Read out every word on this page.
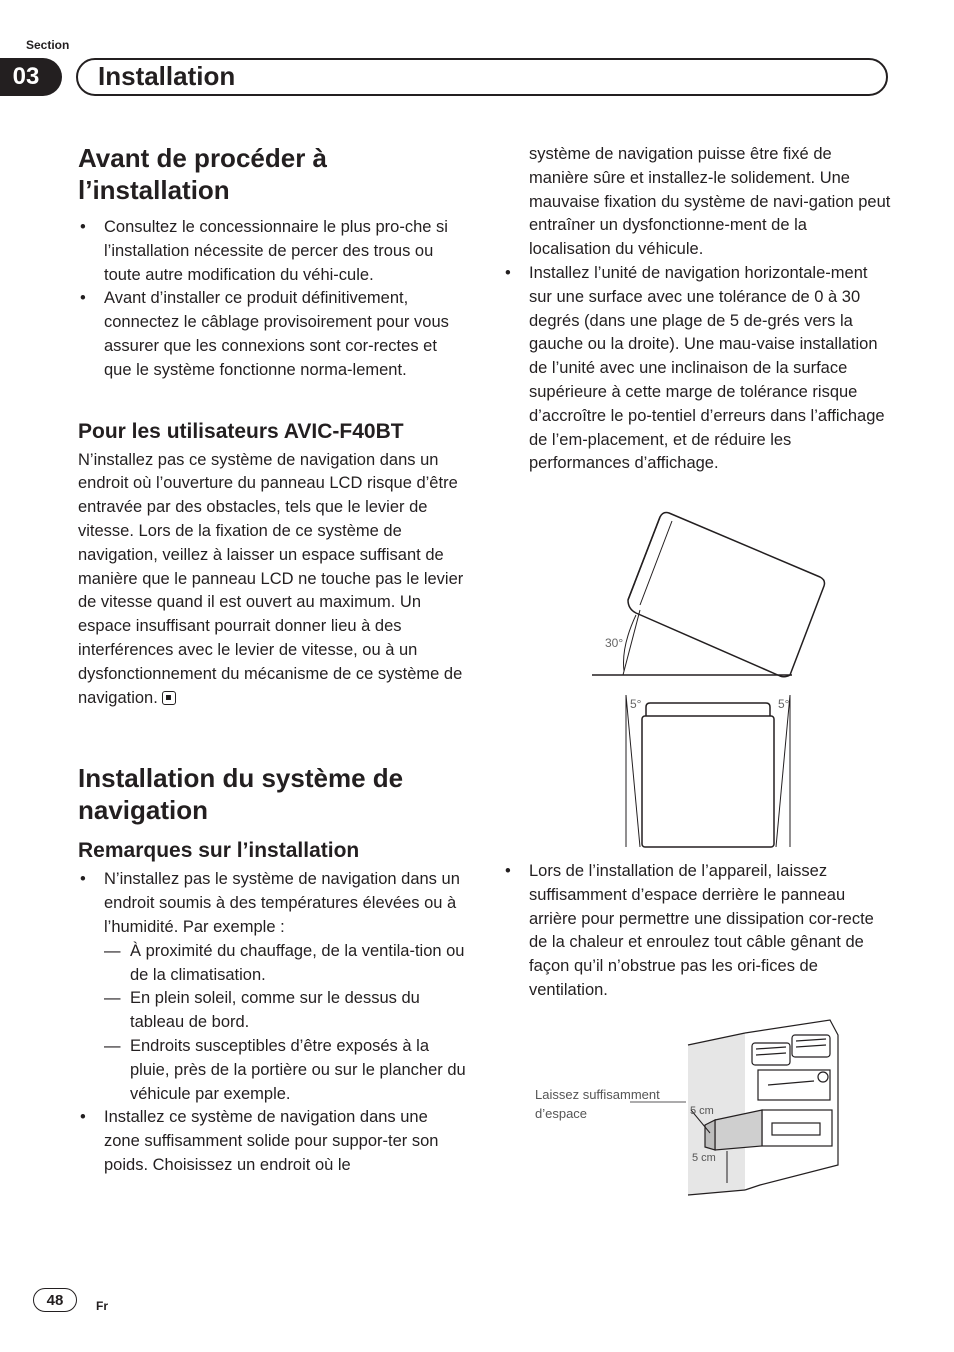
Section
03	Installation
Avant de procéder à l’installation
• Consultez le concessionnaire le plus pro-che si l’installation nécessite de percer des trous ou toute autre modification du véhi-cule.
• Avant d’installer ce produit définitivement, connectez le câblage provisoirement pour vous assurer que les connexions sont cor-rectes et que le système fonctionne norma-lement.
Pour les utilisateurs AVIC-F40BT
N’installez pas ce système de navigation dans un endroit où l’ouverture du panneau LCD risque d’être entravée par des obstacles, tels que le levier de vitesse. Lors de la fixation de ce système de navigation, veillez à laisser un espace suffisant de manière que le panneau LCD ne touche pas le levier de vitesse quand il est ouvert au maximum. Un espace insuffisant pourrait donner lieu à des interférences avec le levier de vitesse, ou à un dysfonctionnement du mécanisme de ce système de navigation.
Installation du système de navigation
Remarques sur l’installation
• N’installez pas le système de navigation dans un endroit soumis à des températures élevées ou à l’humidité. Par exemple :
— À proximité du chauffage, de la ventila-tion ou de la climatisation.
— En plein soleil, comme sur le dessus du tableau de bord.
— Endroits susceptibles d’être exposés à la pluie, près de la portière ou sur le plancher du véhicule par exemple.
• Installez ce système de navigation dans une zone suffisamment solide pour suppor-ter son poids. Choisissez un endroit où le
système de navigation puisse être fixé de manière sûre et installez-le solidement. Une mauvaise fixation du système de navi-gation peut entraîner un dysfonctionne-ment de la localisation du véhicule.
• Installez l’unité de navigation horizontale-ment sur une surface avec une tolérance de 0 à 30 degrés (dans une plage de 5 de-grés vers la gauche ou la droite). Une mau-vaise installation de l’unité avec une inclinaison de la surface supérieure à cette marge de tolérance risque d’accroître le po-tentiel d’erreurs dans l’affichage de l’em-placement, et de réduire les performances d’affichage.
30°
5°	5°
• Lors de l’installation de l’appareil, laissez suffisamment d’espace derrière le panneau arrière pour permettre une dissipation cor-recte de la chaleur et enroulez tout câble gênant de façon qu’il n’obstrue pas les ori-fices de ventilation.
Laissez suffisamment
d’espace	5 cm
5 cm
48	Fr
